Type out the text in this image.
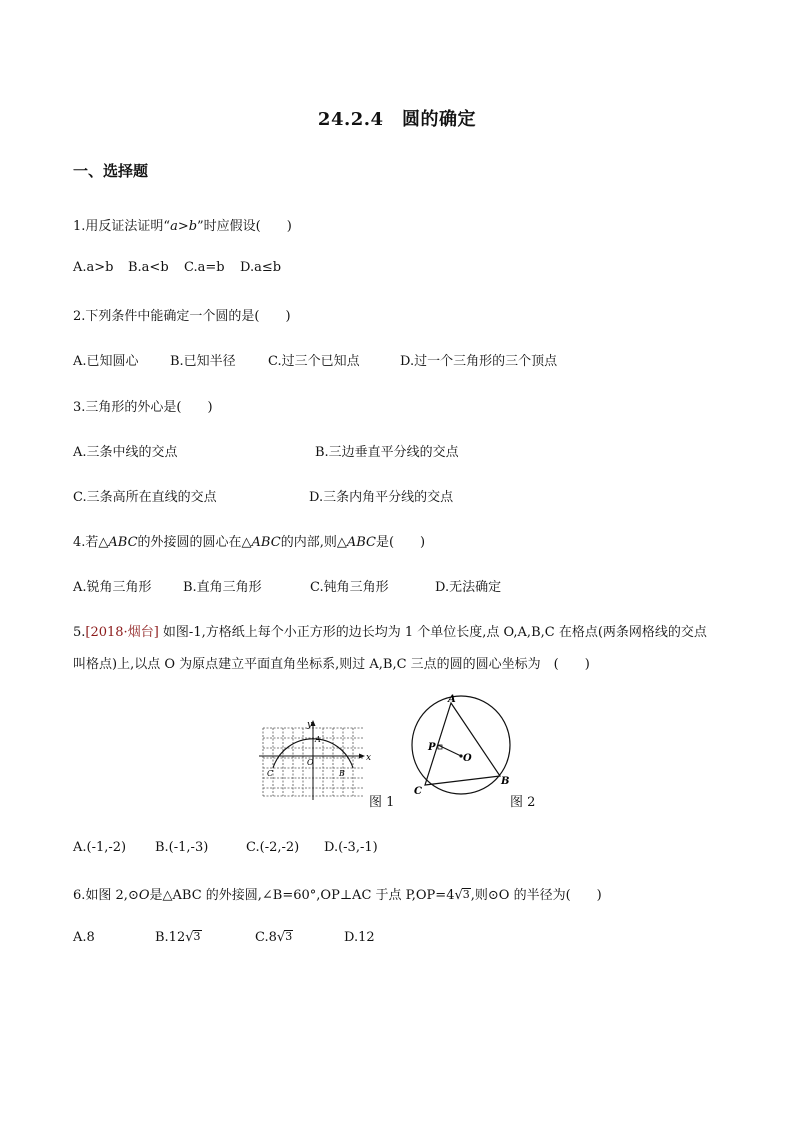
24.2.4　圆的确定
一、选择题
1.用反证法证明“a>b”时应假设(　　)
A.a>b B.a<b C.a=b D.a≤b
2.下列条件中能确定一个圆的是(　　)
A.已知圆心 B.已知半径 C.过三个已知点	D.过一个三角形的三个顶点
3.三角形的外心是(　　)
A.三条中线的交点	B.三边垂直平分线的交点
C.三条高所在直线的交点	D.三条内角平分线的交点
4.若△ABC的外接圆的圆心在△ABC的内部,则△ABC是(　　)
A.锐角三角形 B.直角三角形	C.钝角三角形	D.无法确定
5.[2018·烟台] 如图-1,方格纸上每个小正方形的边长均为 1 个单位长度,点 O,A,B,C 在格点(两条网格线的交点
叫格点)上,以点 O 为原点建立平面直角坐标系,则过 A,B,C 三点的圆的圆心坐标为　(　　)
x
y
A
O
B
C
图 1
A
B
C
P
O
图 2
A.(-1,-2) B.(-1,-3)	C.(-2,-2) D.(-3,-1)
6.如图 2,⊙O是△ABC 的外接圆,∠B=60°,OP⊥AC 于点 P,OP=4√3,则⊙O 的半径为(　　)
A.8	B.12√3	C.8√3	D.12
